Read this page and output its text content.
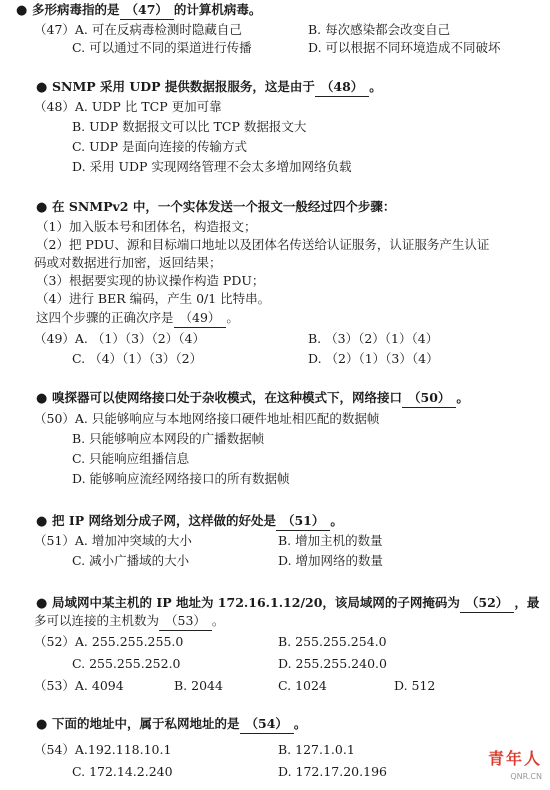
● 多形病毒指的是 （47） 的计算机病毒。
（47）A. 可在反病毒检测时隐藏自己	B. 每次感染都会改变自己
C. 可以通过不同的渠道进行传播	D. 可以根据不同环境造成不同破坏
● SNMP 采用 UDP 提供数据报服务，这是由于 （48） 。
（48）A. UDP 比 TCP 更加可靠
B. UDP 数据报文可以比 TCP 数据报文大
C. UDP 是面向连接的传输方式
D. 采用 UDP 实现网络管理不会太多增加网络负载
● 在 SNMPv2 中，一个实体发送一个报文一般经过四个步骤：
（1）加入版本号和团体名，构造报文；
（2）把 PDU、源和目标端口地址以及团体名传送给认证服务，认证服务产生认证
码或对数据进行加密，返回结果；
（3）根据要实现的协议操作构造 PDU；
（4）进行 BER 编码，产生 0/1 比特串。
这四个步骤的正确次序是 （49） 。
（49）A. （1）（3）（2）（4）	B. （3）（2）（1）（4）
C. （4）（1）（3）（2）	D. （2）（1）（3）（4）
● 嗅探器可以使网络接口处于杂收模式，在这种模式下，网络接口 （50） 。
（50）A. 只能够响应与本地网络接口硬件地址相匹配的数据帧
B. 只能够响应本网段的广播数据帧
C. 只能响应组播信息
D. 能够响应流经网络接口的所有数据帧
● 把 IP 网络划分成子网，这样做的好处是 （51） 。
（51）A. 增加冲突域的大小	B. 增加主机的数量
C. 减小广播域的大小	D. 增加网络的数量
● 局域网中某主机的 IP 地址为 172.16.1.12/20，该局域网的子网掩码为 （52） ，最
多可以连接的主机数为 （53） 。
（52）A. 255.255.255.0	B. 255.255.254.0
C. 255.255.252.0	D. 255.255.240.0
（53）A. 4094	B. 2044	C. 1024	D. 512
● 下面的地址中，属于私网地址的是 （54） 。
（54）A.192.118.10.1	B. 127.1.0.1
C. 172.14.2.240	D. 172.17.20.196
青年人
QNR.CN
